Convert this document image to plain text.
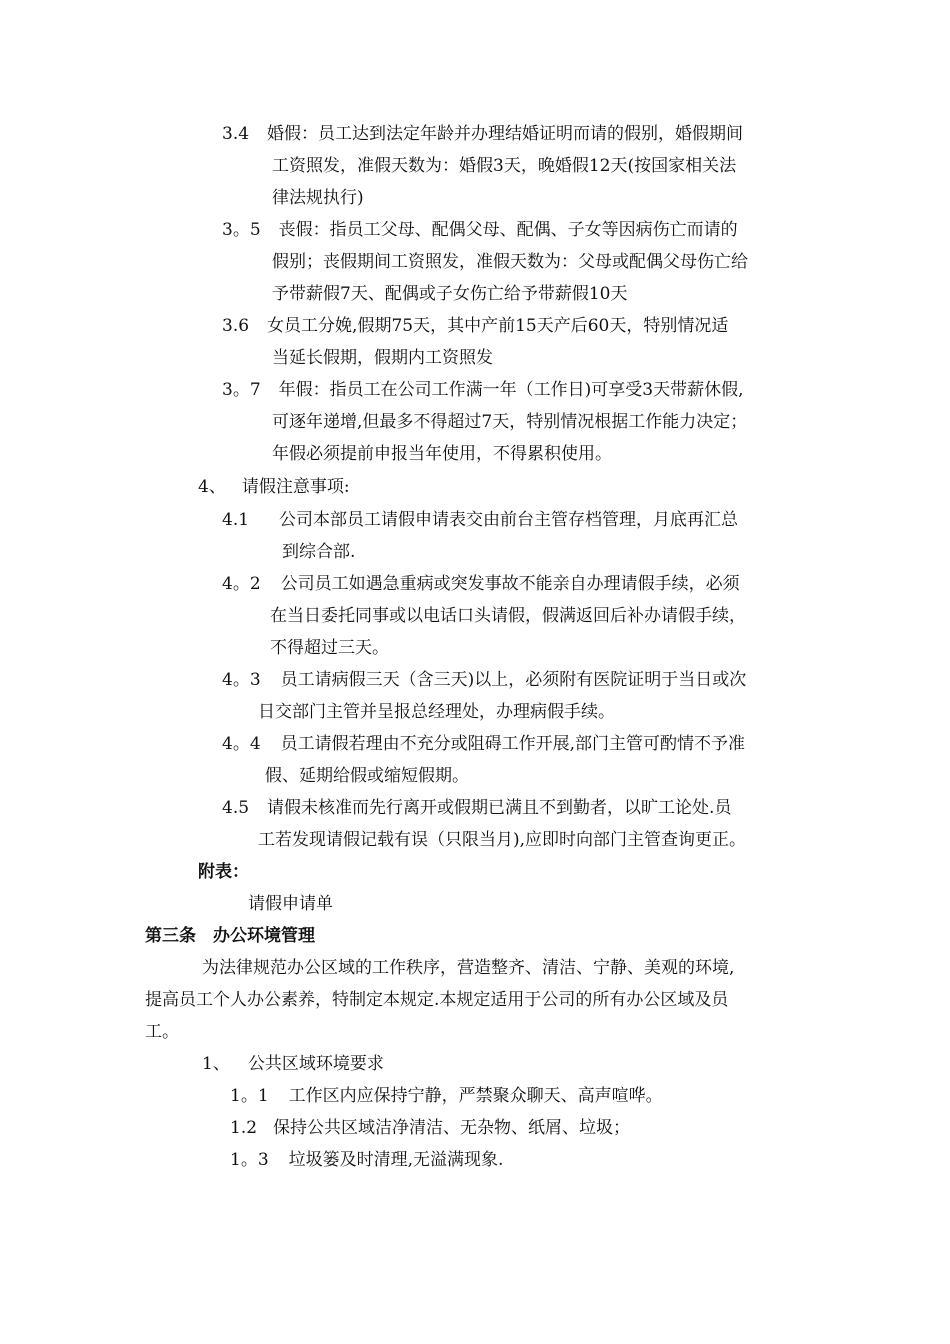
3.4 婚假：员工达到法定年龄并办理结婚证明而请的假别，婚假期间
工资照发，准假天数为：婚假3天，晚婚假12天(按国家相关法
律法规执行)
3。5 丧假：指员工父母、配偶父母、配偶、子女等因病伤亡而请的
假别；丧假期间工资照发，准假天数为：父母或配偶父母伤亡给
予带薪假7天、配偶或子女伤亡给予带薪假10天
3.6 女员工分娩,假期75天，其中产前15天产后60天，特别情况适
当延长假期，假期内工资照发
3。7 年假：指员工在公司工作满一年（工作日)可享受3天带薪休假,
可逐年递增,但最多不得超过7天，特别情况根据工作能力决定；
年假必须提前申报当年使用，不得累积使用。
4、 请假注意事项:
4.1 公司本部员工请假申请表交由前台主管存档管理，月底再汇总
到综合部.
4。2 公司员工如遇急重病或突发事故不能亲自办理请假手续，必须
在当日委托同事或以电话口头请假，假满返回后补办请假手续，
不得超过三天。
4。3 员工请病假三天（含三天)以上，必须附有医院证明于当日或次
日交部门主管并呈报总经理处，办理病假手续。
4。4 员工请假若理由不充分或阻碍工作开展,部门主管可酌情不予准
假、延期给假或缩短假期。
4.5 请假未核准而先行离开或假期已满且不到勤者，以旷工论处.员
工若发现请假记载有误（只限当月),应即时向部门主管查询更正。
附表：
请假申请单
第三条　办公环境管理
为法律规范办公区域的工作秩序，营造整齐、清洁、宁静、美观的环境,
提高员工个人办公素养，特制定本规定.本规定适用于公司的所有办公区域及员
工。
1、 公共区域环境要求
1。1 工作区内应保持宁静，严禁聚众聊天、高声喧哗。
1.2 保持公共区域洁净清洁、无杂物、纸屑、垃圾；
1。3 垃圾篓及时清理,无溢满现象.
